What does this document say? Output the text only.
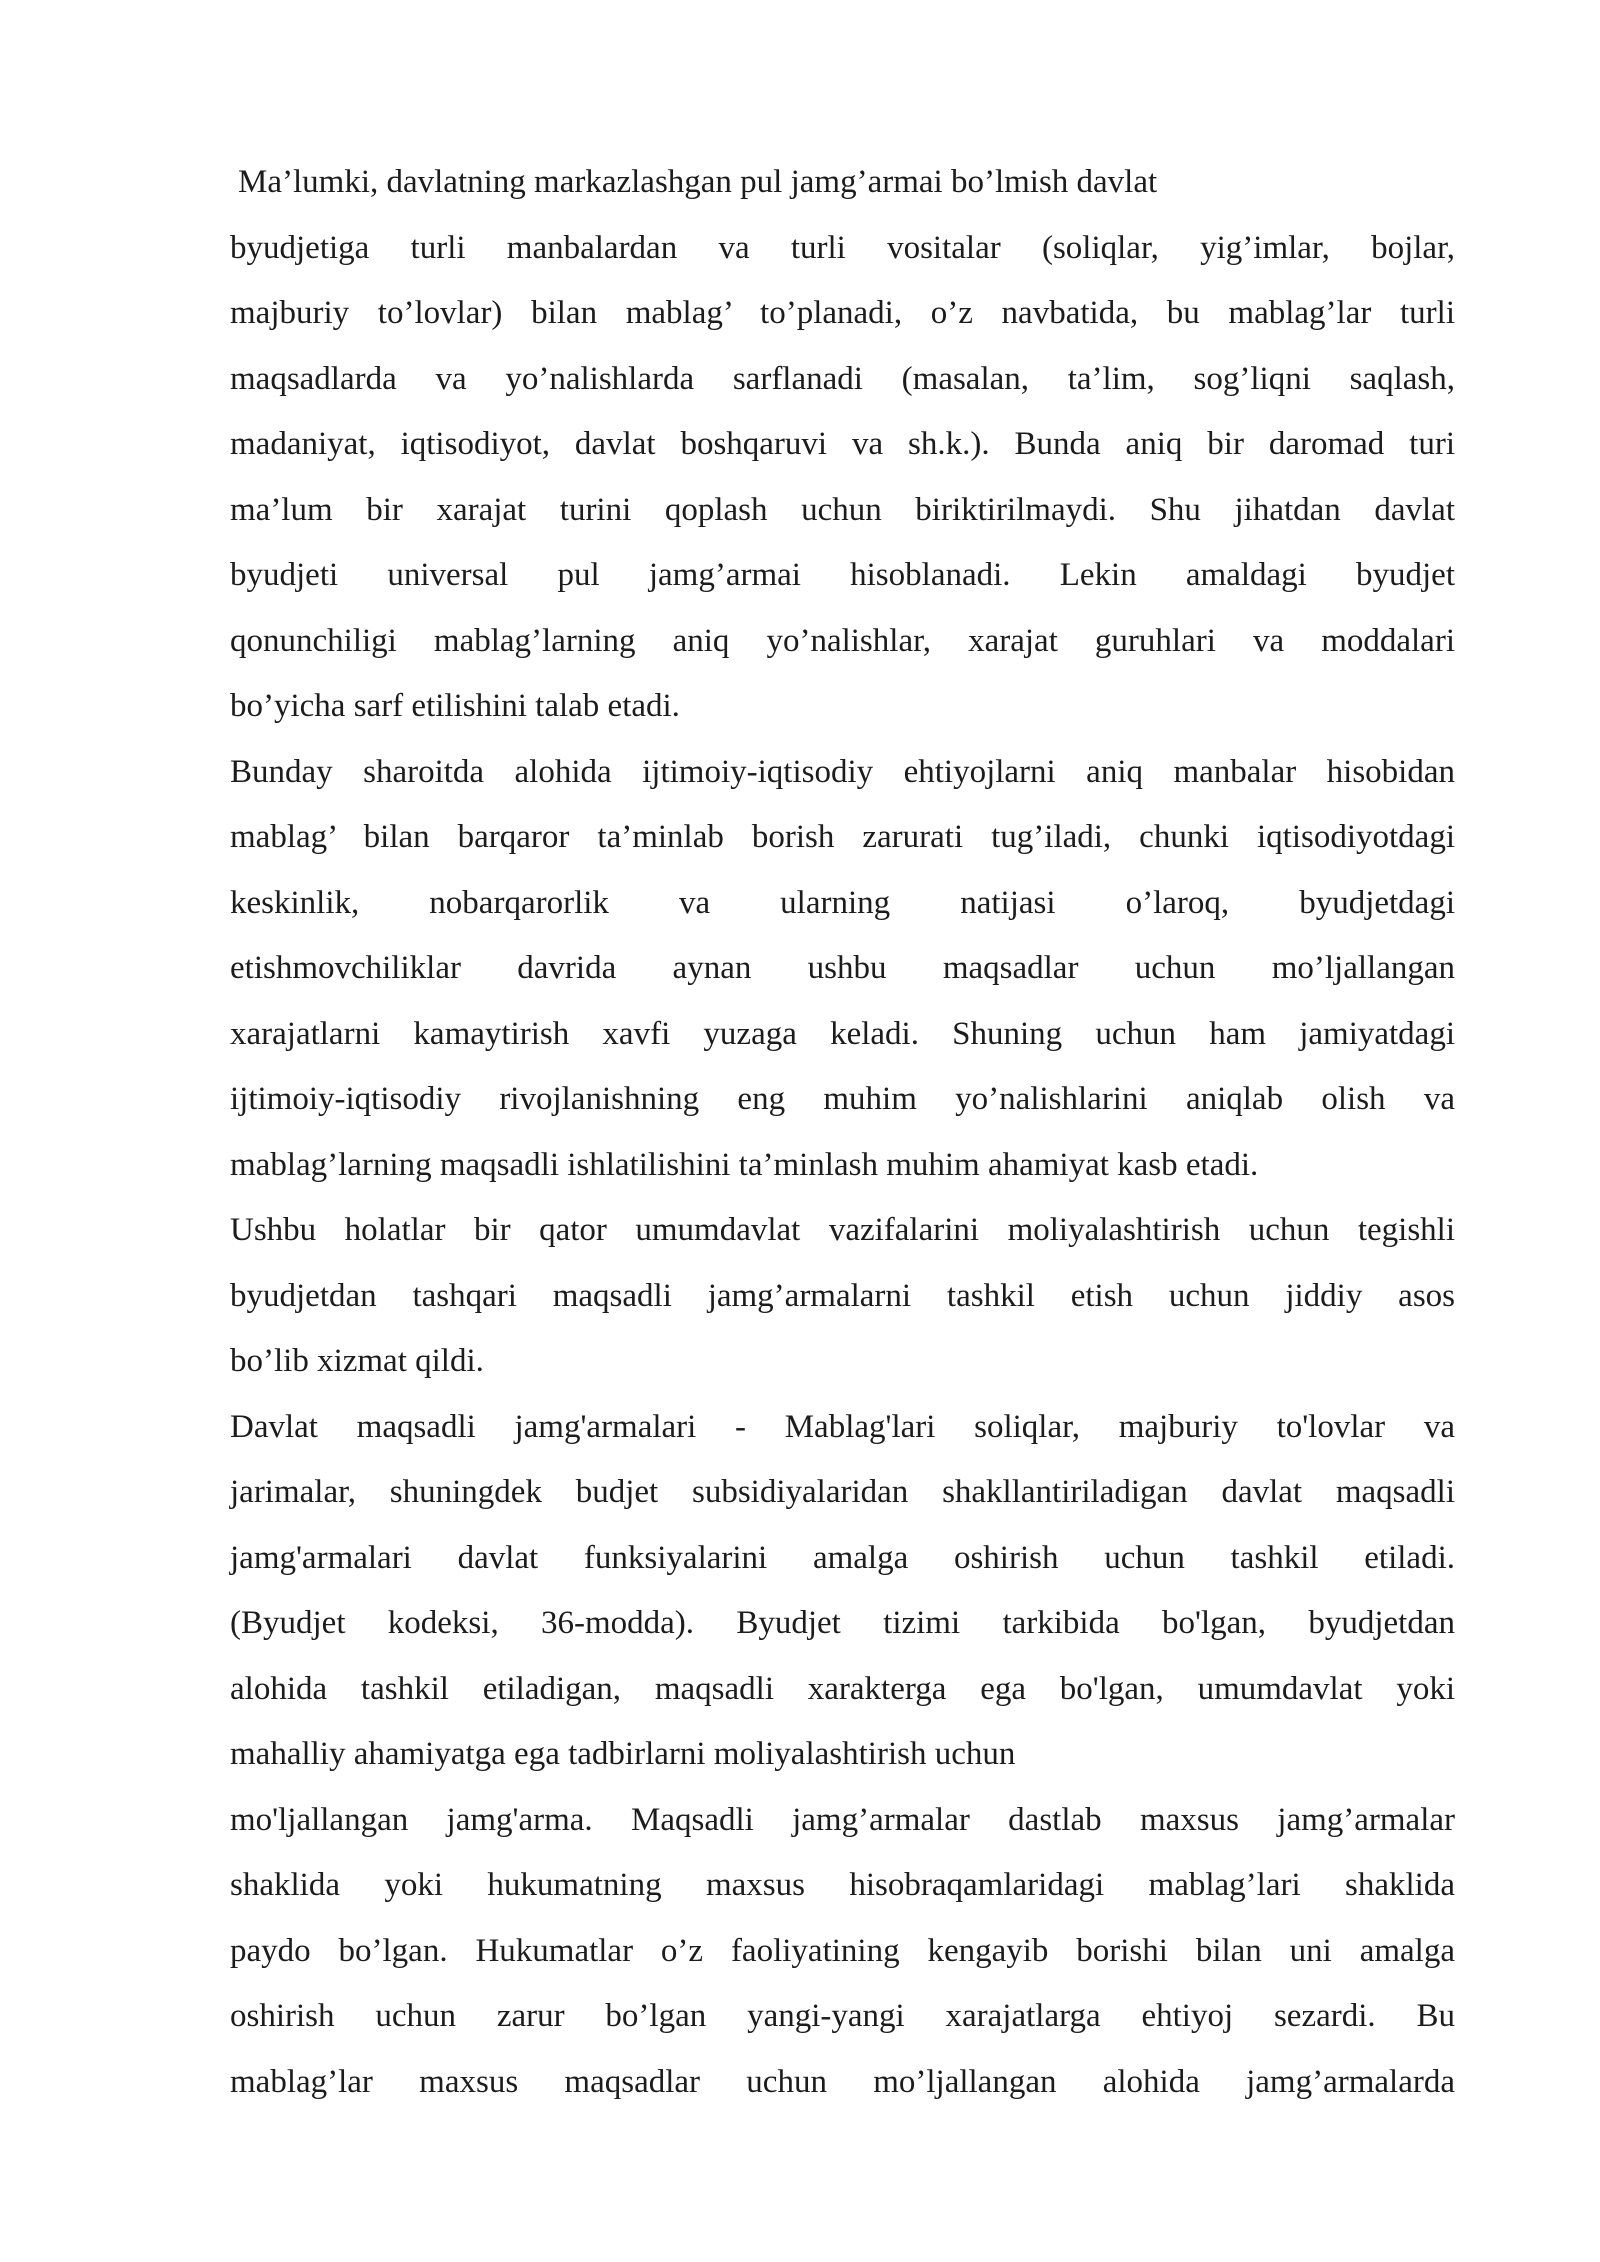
Ma’lumki, davlatning markazlashgan pul jamg’armai bo’lmish davlat
byudjetiga turli manbalardan va turli vositalar (soliqlar, yig’imlar, bojlar,
majburiy to’lovlar) bilan mablag’ to’planadi, o’z navbatida, bu mablag’lar turli
maqsadlarda va yo’nalishlarda sarflanadi (masalan, ta’lim, sog’liqni saqlash,
madaniyat, iqtisodiyot, davlat boshqaruvi va sh.k.). Bunda aniq bir daromad turi
ma’lum bir xarajat turini qoplash uchun biriktirilmaydi. Shu jihatdan davlat
byudjeti universal pul jamg’armai hisoblanadi. Lekin amaldagi byudjet
qonunchiligi mablag’larning aniq yo’nalishlar, xarajat guruhlari va moddalari
bo’yicha sarf etilishini talab etadi.
Bunday sharoitda alohida ijtimoiy-iqtisodiy ehtiyojlarni aniq manbalar hisobidan
mablag’ bilan barqaror ta’minlab borish zarurati tug’iladi, chunki iqtisodiyotdagi
keskinlik, nobarqarorlik va ularning natijasi o’laroq, byudjetdagi
etishmovchiliklar davrida aynan ushbu maqsadlar uchun mo’ljallangan
xarajatlarni kamaytirish xavfi yuzaga keladi. Shuning uchun ham jamiyatdagi
ijtimoiy-iqtisodiy rivojlanishning eng muhim yo’nalishlarini aniqlab olish va
mablag’larning maqsadli ishlatilishini ta’minlash muhim ahamiyat kasb etadi.
Ushbu holatlar bir qator umumdavlat vazifalarini moliyalashtirish uchun tegishli
byudjetdan tashqari maqsadli jamg’armalarni tashkil etish uchun jiddiy asos
bo’lib xizmat qildi.
Davlat maqsadli jamg'armalari - Mablag'lari soliqlar, majburiy to'lovlar va
jarimalar, shuningdek budjet subsidiyalaridan shakllantiriladigan davlat maqsadli
jamg'armalari davlat funksiyalarini amalga oshirish uchun tashkil etiladi.
(Byudjet kodeksi, 36-modda). Byudjet tizimi tarkibida bo'lgan, byudjetdan
alohida tashkil etiladigan, maqsadli xarakterga ega bo'lgan, umumdavlat yoki
mahalliy ahamiyatga ega tadbirlarni moliyalashtirish uchun
mo'ljallangan jamg'arma. Maqsadli jamg’armalar dastlab maxsus jamg’armalar
shaklida yoki hukumatning maxsus hisobraqamlaridagi mablag’lari shaklida
paydo bo’lgan. Hukumatlar o’z faoliyatining kengayib borishi bilan uni amalga
oshirish uchun zarur bo’lgan yangi-yangi xarajatlarga ehtiyoj sezardi. Bu
mablag’lar maxsus maqsadlar uchun mo’ljallangan alohida jamg’armalarda
